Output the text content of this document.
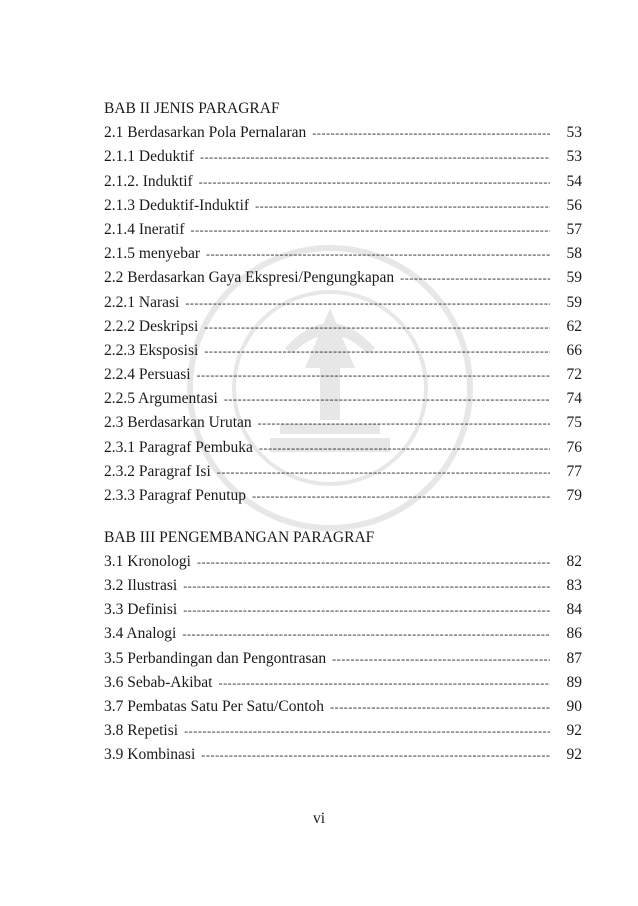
BAB II JENIS PARAGRAF
2.1 Berdasarkan Pola Pernalaran -----	53
2.1.1 Deduktif -----	53
2.1.2. Induktif -----	54
2.1.3 Deduktif-Induktif -----	56
2.1.4 Ineratif -----	57
2.1.5 menyebar -----	58
2.2 Berdasarkan Gaya Ekspresi/Pengungkapan -----	59
2.2.1 Narasi -----	59
2.2.2 Deskripsi -----	62
2.2.3 Eksposisi -----	66
2.2.4 Persuasi -----	72
2.2.5 Argumentasi -----	74
2.3 Berdasarkan Urutan -----	75
2.3.1 Paragraf Pembuka -----	76
2.3.2 Paragraf Isi -----	77
2.3.3 Paragraf Penutup -----	79
BAB III PENGEMBANGAN PARAGRAF
3.1 Kronologi -----	82
3.2 Ilustrasi -----	83
3.3 Definisi -----	84
3.4 Analogi -----	86
3.5 Perbandingan dan Pengontrasan -----	87
3.6 Sebab-Akibat -----	89
3.7 Pembatas Satu Per Satu/Contoh -----	90
3.8 Repetisi -----	92
3.9 Kombinasi -----	92
vi
